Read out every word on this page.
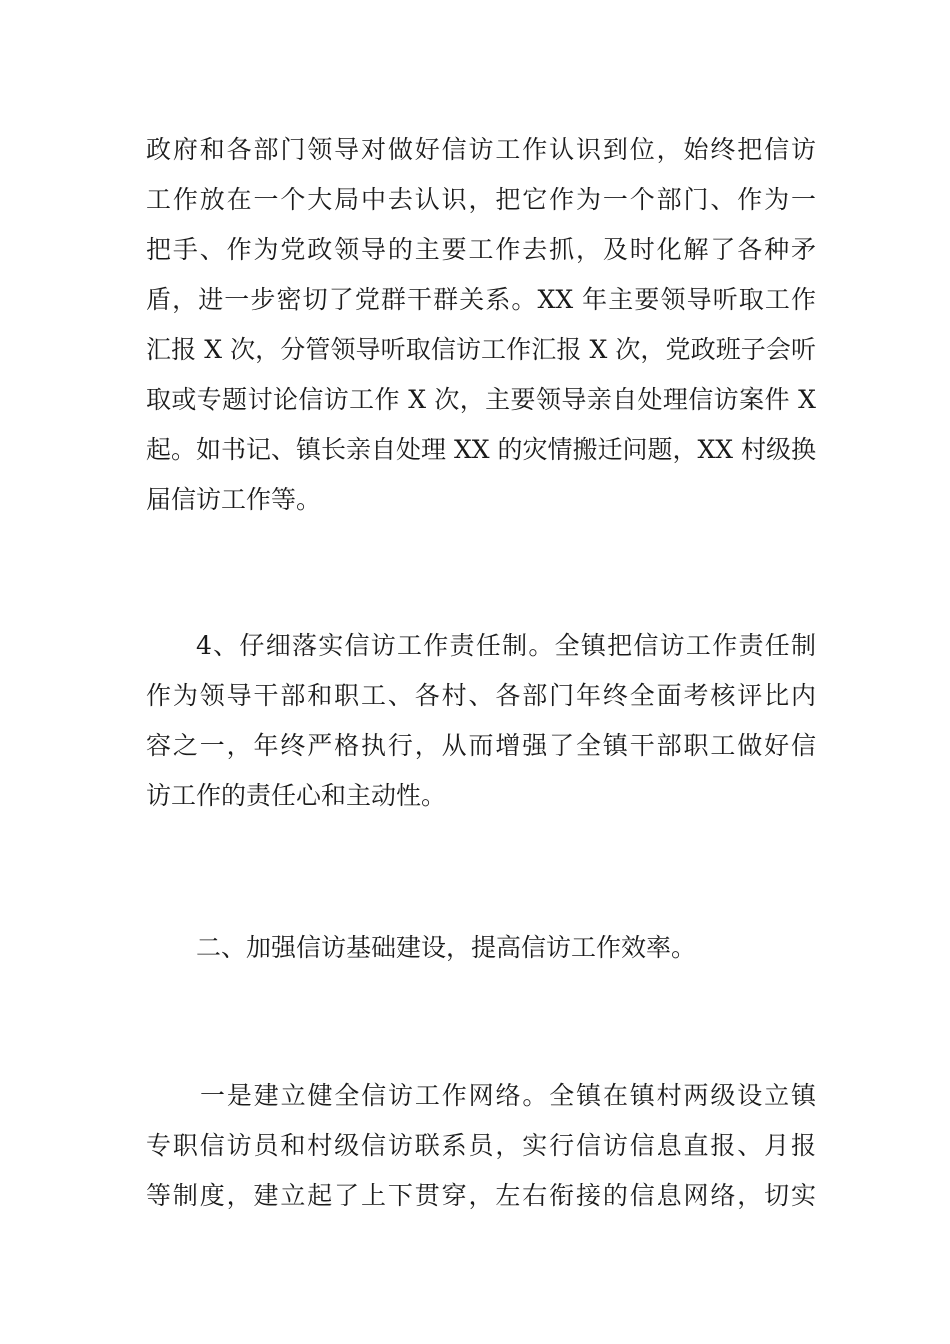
政府和各部门领导对做好信访工作认识到位，始终把信访
工作放在一个大局中去认识，把它作为一个部门、作为一
把手、作为党政领导的主要工作去抓，及时化解了各种矛
盾，进一步密切了党群干群关系。XX 年主要领导听取工作
汇报 X 次，分管领导听取信访工作汇报 X 次，党政班子会听
取或专题讨论信访工作 X 次，主要领导亲自处理信访案件 X
起。如书记、镇长亲自处理 XX 的灾情搬迁问题，XX 村级换
届信访工作等。
4、仔细落实信访工作责任制。全镇把信访工作责任制
作为领导干部和职工、各村、各部门年终全面考核评比内
容之一，年终严格执行，从而增强了全镇干部职工做好信
访工作的责任心和主动性。
二、加强信访基础建设，提高信访工作效率。
一是建立健全信访工作网络。全镇在镇村两级设立镇
专职信访员和村级信访联系员，实行信访信息直报、月报
等制度，建立起了上下贯穿，左右衔接的信息网络，切实
